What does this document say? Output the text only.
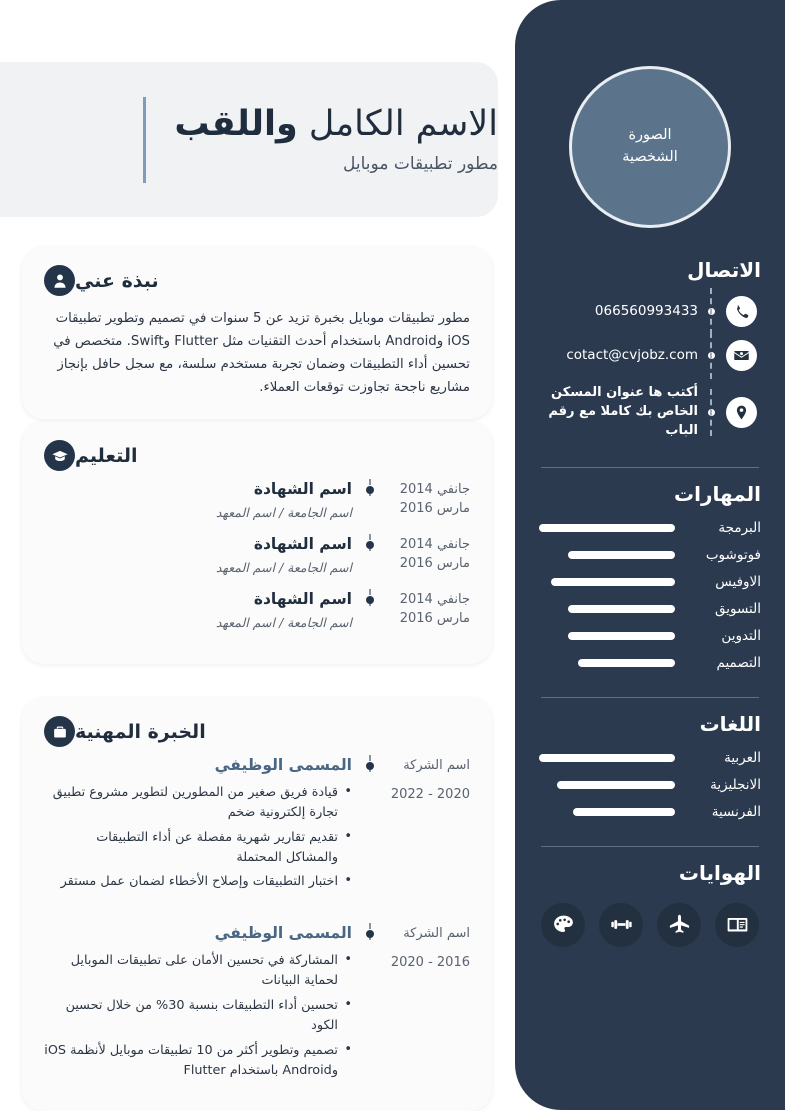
الاسم الكامل واللقب
مطور تطبيقات موبايل
نبذة عني
مطور تطبيقات موبايل بخبرة تزيد عن 5 سنوات في تصميم وتطوير تطبيقات iOS وAndroid باستخدام أحدث التقنيات مثل Flutter وSwift. متخصص في تحسين أداء التطبيقات وضمان تجربة مستخدم سلسة، مع سجل حافل بإنجاز مشاريع ناجحة تجاوزت توقعات العملاء.
التعليم
جانفي 2014
مارس 2016
اسم الشهادة
اسم الجامعة / اسم المعهد
جانفي 2014
مارس 2016
اسم الشهادة
اسم الجامعة / اسم المعهد
جانفي 2014
مارس 2016
اسم الشهادة
اسم الجامعة / اسم المعهد
الخبرة المهنية
اسم الشركة
2020 - 2022
المسمى الوظيفي
• قيادة فريق صغير من المطورين لتطوير مشروع تطبيق تجارة إلكترونية ضخم
• تقديم تقارير شهرية مفصلة عن أداء التطبيقات والمشاكل المحتملة
• اختبار التطبيقات وإصلاح الأخطاء لضمان عمل مستقر
اسم الشركة
2016 - 2020
المسمى الوظيفي
• المشاركة في تحسين الأمان على تطبيقات الموبايل لحماية البيانات
• تحسين أداء التطبيقات بنسبة 30% من خلال تحسين الكود
• تصميم وتطوير أكثر من 10 تطبيقات موبايل لأنظمة iOS وAndroid باستخدام Flutter
الصورة
الشخصية
الاتصال
066560993433
cotact@cvjobz.com
أكتب ها عنوان المسكن الخاص بك كاملا مع رقم الباب
المهارات
البرمجة
فوتوشوب
الاوفيس
التسويق
التدوين
التصميم
اللغات
العربية
الانجليزية
الفرنسية
الهوايات
